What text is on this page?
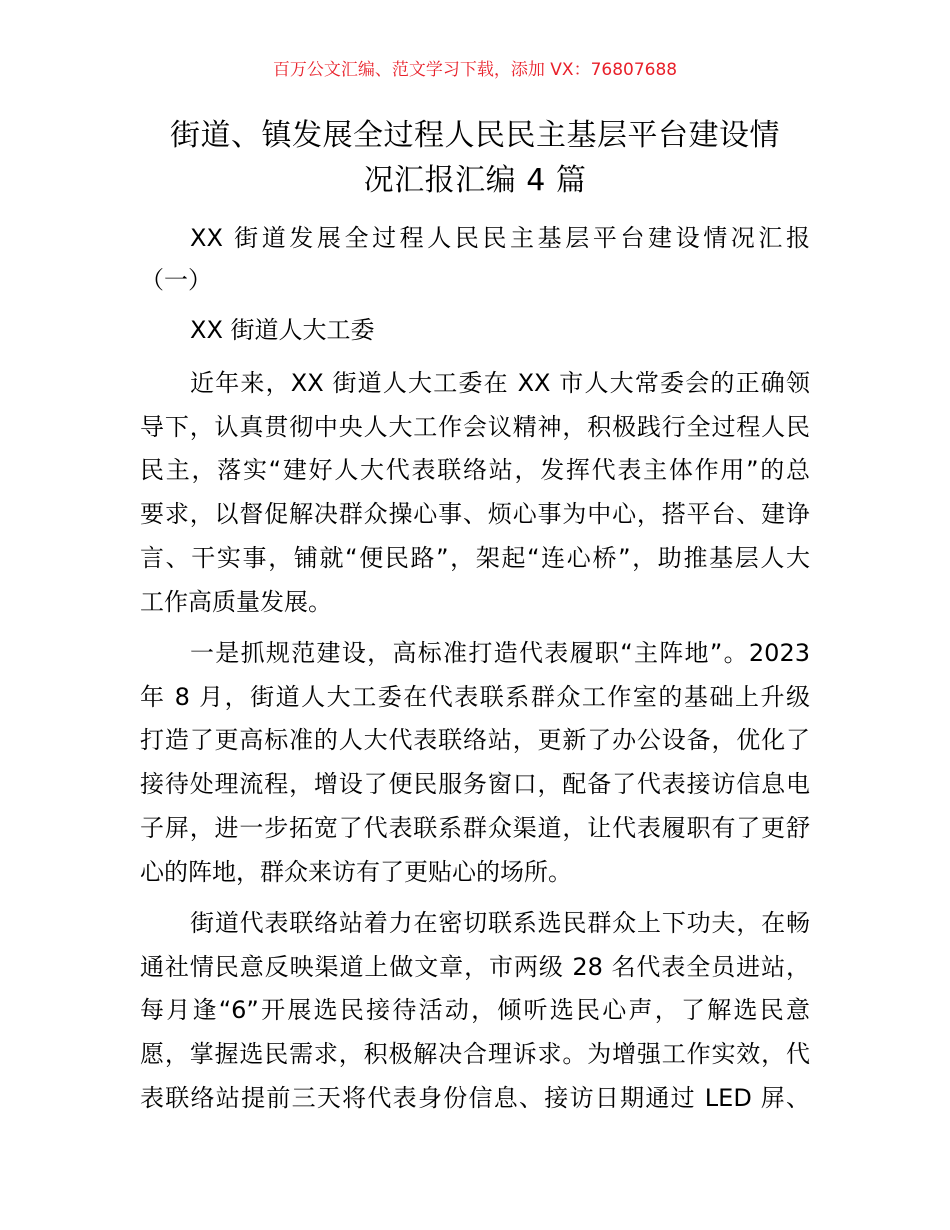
百万公文汇编、范文学习下载，添加 VX：76807688
街道、镇发展全过程人民民主基层平台建设情
况汇报汇编 4 篇
XX 街道发展全过程人民民主基层平台建设情况汇报
（一）
XX 街道人大工委
近年来，XX 街道人大工委在 XX 市人大常委会的正确领
导下，认真贯彻中央人大工作会议精神，积极践行全过程人民
民主，落实“建好人大代表联络站，发挥代表主体作用”的总
要求，以督促解决群众操心事、烦心事为中心，搭平台、建诤
言、干实事，铺就“便民路”，架起“连心桥”，助推基层人大
工作高质量发展。
一是抓规范建设，高标准打造代表履职“主阵地”。2023
年 8 月，街道人大工委在代表联系群众工作室的基础上升级
打造了更高标准的人大代表联络站，更新了办公设备，优化了
接待处理流程，增设了便民服务窗口，配备了代表接访信息电
子屏，进一步拓宽了代表联系群众渠道，让代表履职有了更舒
心的阵地，群众来访有了更贴心的场所。
街道代表联络站着力在密切联系选民群众上下功夫，在畅
通社情民意反映渠道上做文章，市两级 28 名代表全员进站，
每月逢“6”开展选民接待活动，倾听选民心声，了解选民意
愿，掌握选民需求，积极解决合理诉求。为增强工作实效，代
表联络站提前三天将代表身份信息、接访日期通过 LED 屏、
